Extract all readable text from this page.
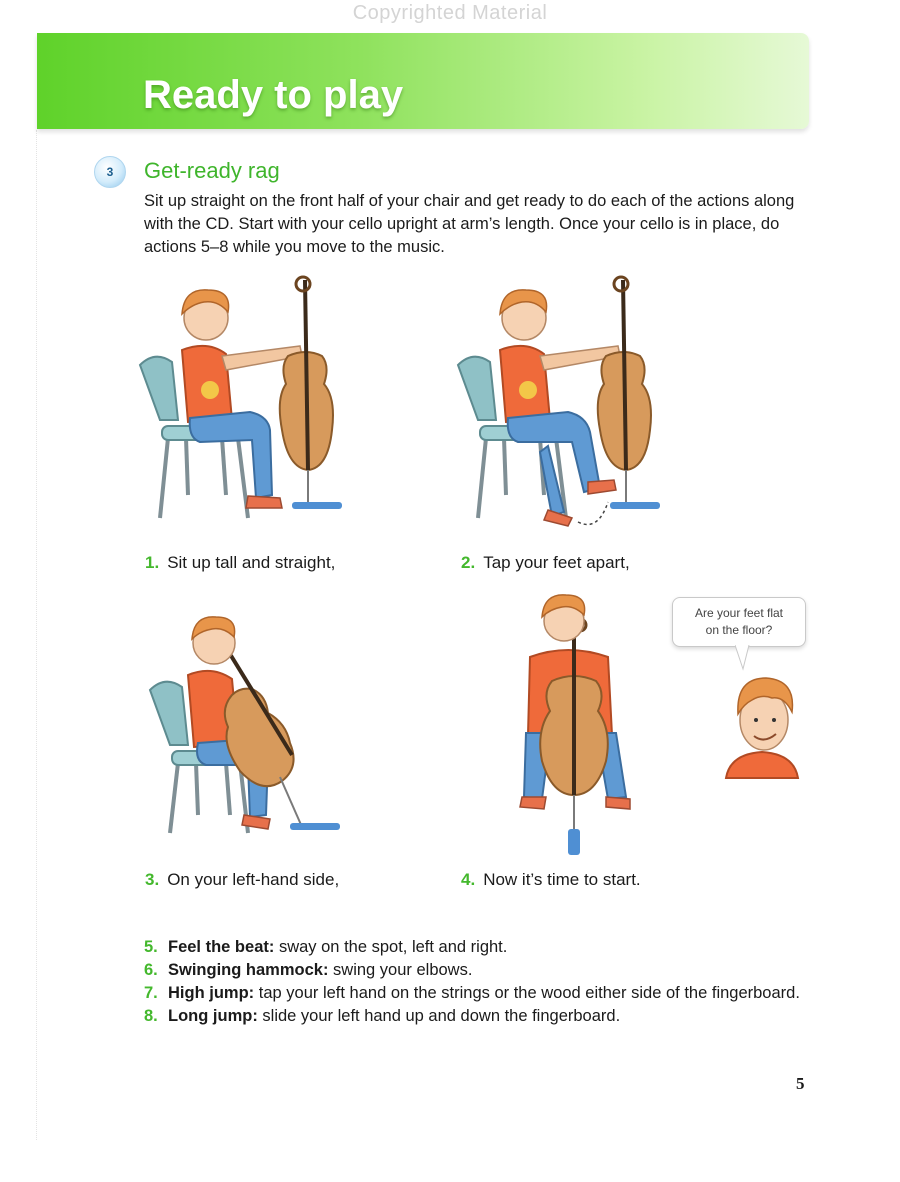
Copyrighted Material
Ready to play
3	Get-ready rag

Sit up straight on the front half of your chair and get ready to do each of the actions along with the CD. Start with your cello upright at arm’s length. Once your cello is in place, do actions 5–8 while you move to the music.

1. Sit up tall and straight,	2. Tap your feet apart,
3. On your left-hand side,	4. Now it’s time to start.
Are your feet flat
on the floor?
5. Feel the beat: sway on the spot, left and right.
6. Swinging hammock: swing your elbows.
7. High jump: tap your left hand on the strings or the wood either side of the fingerboard.
8. Long jump: slide your left hand up and down the fingerboard.
5
